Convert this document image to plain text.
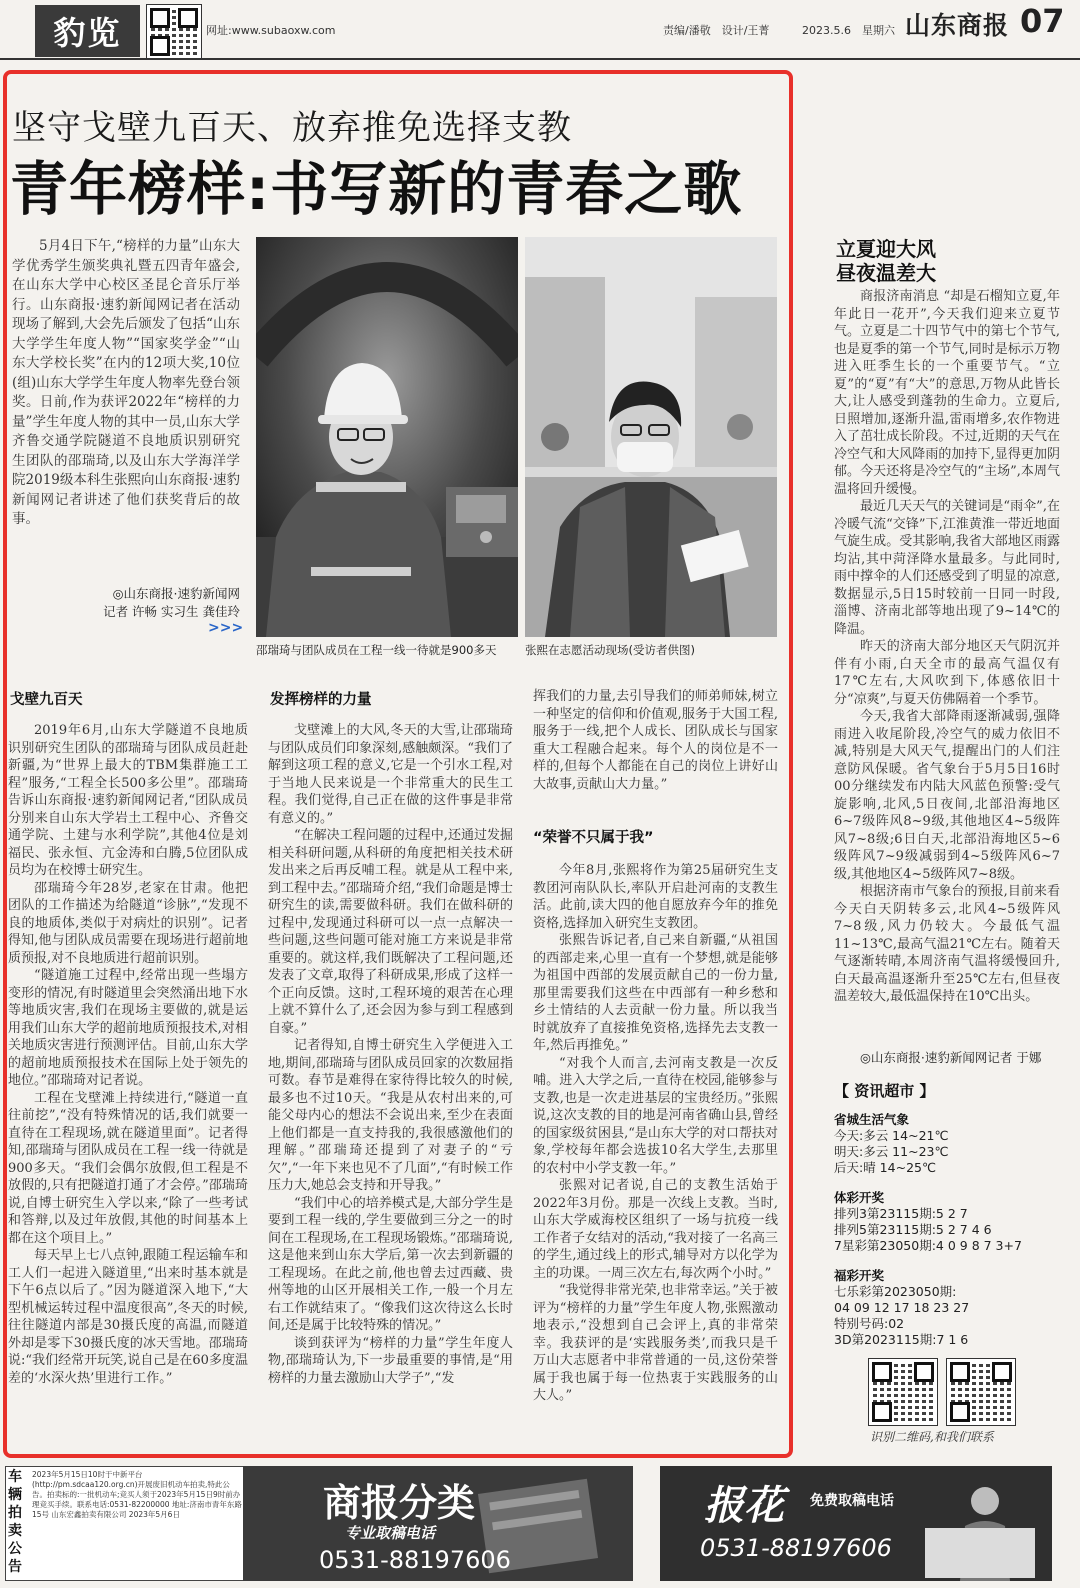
豹览	网址:www.subaoxw.com	责编/潘敬　设计/王菁	2023.5.6　星期六 山东商报 07
坚守戈壁九百天、放弃推免选择支教
青年榜样:书写新的青春之歌
5月4日下午,“榜样的力量”山东大学优秀学生颁奖典礼暨五四青年盛会,在山东大学中心校区圣昆仑音乐厅举行。山东商报·速豹新闻网记者在活动现场了解到,大会先后颁发了包括“山东大学学生年度人物”“国家奖学金”“山东大学校长奖”在内的12项大奖,10位(组)山东大学学生年度人物率先登台领奖。日前,作为获评2022年“榜样的力量”学生年度人物的其中一员,山东大学齐鲁交通学院隧道不良地质识别研究生团队的邵瑞琦,以及山东大学海洋学院2019级本科生张熙向山东商报·速豹新闻网记者讲述了他们获奖背后的故事。
◎山东商报·速豹新闻网
记者 许畅 实习生 龚佳玲
>>>
邵瑞琦与团队成员在工程一线一待就是900多天	张熙在志愿活动现场(受访者供图)
戈壁九百天

2019年6月,山东大学隧道不良地质识别研究生团队的邵瑞琦与团队成员赶赴新疆,为“世界上最大的TBM集群施工工程”服务,“工程全长500多公里”。邵瑞琦告诉山东商报·速豹新闻网记者,“团队成员分别来自山东大学岩土工程中心、齐鲁交通学院、土建与水利学院”,其他4位是刘福民、张永恒、亢金涛和白腾,5位团队成员均为在校博士研究生。

邵瑞琦今年28岁,老家在甘肃。他把团队的工作描述为给隧道“诊脉”,“发现不良的地质体,类似于对病灶的识别”。记者得知,他与团队成员需要在现场进行超前地质预报,对不良地质进行超前识别。

“隧道施工过程中,经常出现一些塌方变形的情况,有时隧道里会突然涌出地下水等地质灾害,我们在现场主要做的,就是运用我们山东大学的超前地质预报技术,对相关地质灾害进行预测评估。目前,山东大学的超前地质预报技术在国际上处于领先的地位。”邵瑞琦对记者说。

工程在戈壁滩上持续进行,“隧道一直往前挖”,“没有特殊情况的话,我们就要一直待在工程现场,就在隧道里面”。记者得知,邵瑞琦与团队成员在工程一线一待就是900多天。“我们会偶尔放假,但工程是不放假的,只有把隧道打通了才会停。”邵瑞琦说,自博士研究生入学以来,“除了一些考试和答辩,以及过年放假,其他的时间基本上都在这个项目上。”

每天早上七八点钟,跟随工程运输车和工人们一起进入隧道里,“出来时基本就是下午6点以后了。”因为隧道深入地下,“大型机械运转过程中温度很高”,冬天的时候,往往隧道内部是30摄氏度的高温,而隧道外却是零下30摄氏度的冰天雪地。邵瑞琦说:“我们经常开玩笑,说自己是在60多度温差的‘水深火热’里进行工作。”

发挥榜样的力量

戈壁滩上的大风,冬天的大雪,让邵瑞琦与团队成员们印象深刻,感触颇深。“我们了解到这项工程的意义,它是一个引水工程,对于当地人民来说是一个非常重大的民生工程。我们觉得,自己正在做的这件事是非常有意义的。”

“在解决工程问题的过程中,还通过发掘相关科研问题,从科研的角度把相关技术研发出来之后再反哺工程。就是从工程中来,到工程中去。”邵瑞琦介绍,“我们命题是博士研究生的读,需要做科研。我们在做科研的过程中,发现通过科研可以一点一点解决一些问题,这些问题可能对施工方来说是非常重要的。就这样,我们既解决了工程问题,还发表了文章,取得了科研成果,形成了这样一个正向反馈。这时,工程环境的艰苦在心理上就不算什么了,还会因为参与到工程感到自豪。”

记者得知,自博士研究生入学便进入工地,期间,邵瑞琦与团队成员回家的次数屈指可数。春节是难得在家待得比较久的时候,最多也不过10天。“我是从农村出来的,可能父母内心的想法不会说出来,至少在表面上他们都是一直支持我的,我很感激他们的理解。”邵瑞琦还提到了对妻子的“亏欠”,“一年下来也见不了几面”,“有时候工作压力大,她总会支持和开导我。”

“我们中心的培养模式是,大部分学生是要到工程一线的,学生要做到三分之一的时间在工程现场,在工程现场锻炼。”邵瑞琦说,这是他来到山东大学后,第一次去到新疆的工程现场。在此之前,他也曾去过西藏、贵州等地的山区开展相关工作,一般一个月左右工作就结束了。“像我们这次待这么长时间,还是属于比较特殊的情况。”

谈到获评为“榜样的力量”学生年度人物,邵瑞琦认为,下一步最重要的事情,是“用榜样的力量去激励山大学子”,“发

挥我们的力量,去引导我们的师弟师妹,树立一种坚定的信仰和价值观,服务于大国工程,服务于一线,把个人成长、团队成长与国家重大工程融合起来。每个人的岗位是不一样的,但每个人都能在自己的岗位上讲好山大故事,贡献山大力量。”

“荣誉不只属于我”

今年8月,张熙将作为第25届研究生支教团河南队队长,率队开启赴河南的支教生活。此前,读大四的他自愿放弃今年的推免资格,选择加入研究生支教团。

张熙告诉记者,自己来自新疆,“从祖国的西部走来,心里一直有一个梦想,就是能够为祖国中西部的发展贡献自己的一份力量,那里需要我们这些在中西部有一种乡愁和乡土情结的人去贡献一份力量。所以我当时就放弃了直接推免资格,选择先去支教一年,然后再推免。”

“对我个人而言,去河南支教是一次反哺。进入大学之后,一直待在校园,能够参与支教,也是一次走进基层的宝贵经历。”张熙说,这次支教的目的地是河南省确山县,曾经的国家级贫困县,“是山东大学的对口帮扶对象,学校每年都会选拔10名大学生,去那里的农村中小学支教一年。”

张熙对记者说,自己的支教生活始于2022年3月份。那是一次线上支教。当时,山东大学威海校区组织了一场与抗疫一线工作者子女结对的活动,“我对接了一名高三的学生,通过线上的形式,辅导对方以化学为主的功课。一周三次左右,每次两个小时。”

“我觉得非常光荣,也非常幸运。”关于被评为“榜样的力量”学生年度人物,张熙激动地表示,“没想到自己会评上,真的非常荣幸。我获评的是‘实践服务类’,而我只是千万山大志愿者中非常普通的一员,这份荣誉属于我也属于每一位热衷于实践服务的山大人。”

立夏迎大风
昼夜温差大

商报济南消息 “却是石榴知立夏,年年此日一花开”,今天我们迎来立夏节气。立夏是二十四节气中的第七个节气,也是夏季的第一个节气,同时是标示万物进入旺季生长的一个重要节气。“立夏”的“夏”有“大”的意思,万物从此皆长大,让人感受到蓬勃的生命力。立夏后,日照增加,逐渐升温,雷雨增多,农作物进入了茁壮成长阶段。不过,近期的天气在冷空气和大风降雨的加持下,显得更加阴郁。今天还将是冷空气的“主场”,本周气温将回升缓慢。

最近几天天气的关键词是“雨伞”,在冷暖气流“交锋”下,江淮黄淮一带近地面气旋生成。受其影响,我省大部地区雨露均沾,其中菏泽降水量最多。与此同时,雨中撑伞的人们还感受到了明显的凉意,数据显示,5日15时较前一日同一时段,淄博、济南北部等地出现了9~14℃的降温。

昨天的济南大部分地区天气阴沉并伴有小雨,白天全市的最高气温仅有17℃左右,大风吹到下,体感依旧十分“凉爽”,与夏天仿佛隔着一个季节。

今天,我省大部降雨逐渐减弱,强降雨进入收尾阶段,冷空气的威力依旧不减,特别是大风天气,提醒出门的人们注意防风保暖。省气象台于5月5日16时00分继续发布内陆大风蓝色预警:受气旋影响,北风,5日夜间,北部沿海地区6~7级阵风8~9级,其他地区4~5级阵风7~8级;6日白天,北部沿海地区5~6级阵风7~9级减弱到4~5级阵风6~7级,其他地区4~5级阵风7~8级。

根据济南市气象台的预报,目前来看今天白天阴转多云,北风4~5级阵风7~8级,风力仍较大。今最低气温11~13℃,最高气温21℃左右。随着天气逐渐转晴,本周济南气温将缓慢回升,白天最高温逐渐升至25℃左右,但昼夜温差较大,最低温保持在10℃出头。

◎山东商报·速豹新闻网记者 于娜
【 资讯超市 】
省城生活气象
今天:多云 14~21℃
明天:多云 11~23℃
后天:晴 14~25℃
体彩开奖
排列3第23115期:5 2 7
排列5第23115期:5 2 7 4 6
7星彩第23050期:4 0 9 8 7 3+7
福彩开奖
七乐彩第2023050期:
04 09 12 17 18 23 27
特别号码:02
3D第2023115期:7 1 6
识别二维码,和我们联系
车辆拍卖公告
2023年5月15日10时于中新平台(http://pm.sdcaa120.org.cn)开展废旧机动车拍卖,特此公告。拍卖标的:一批机动车;竞买人须于2023年5月15日9时前办理竞买手续。联系电话:0531-82200000 地址:济南市青年东路15号 山东宏鑫拍卖有限公司 2023年5月6日	商报分类
专业取稿电话
0531-88197606
报花 免费取稿电话
0531-88197606
